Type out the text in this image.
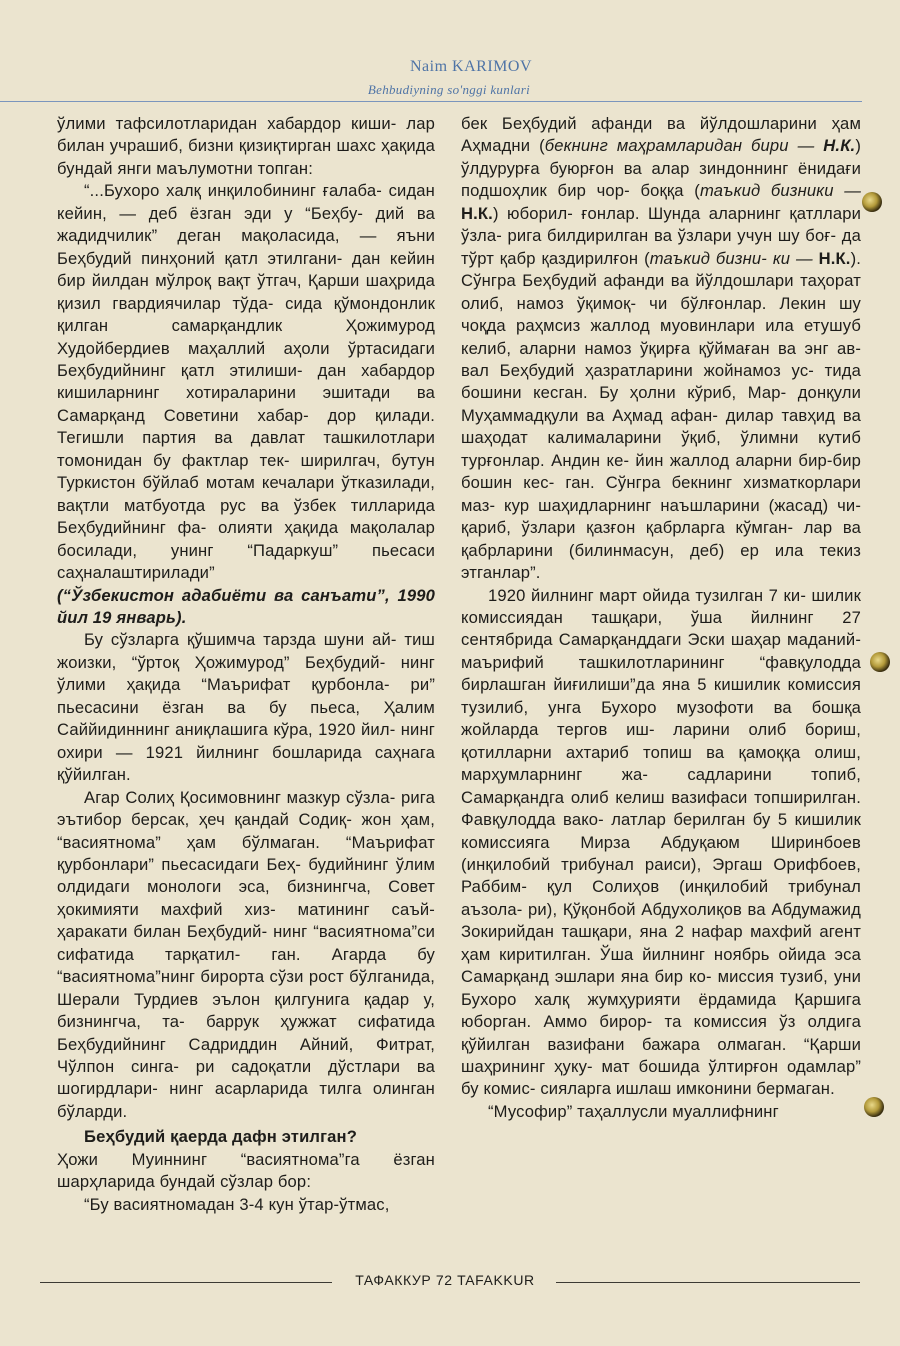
Naim KARIMOV
Behbudiyning so'nggi kunlari

ўлими тафсилотларидан хабардор киши- лар билан учрашиб, бизни қизиқтирган шахс ҳақида бундай янги маълумотни топган:

“...Бухоро халқ инқилобининг ғалаба- сидан кейин, — деб ёзган эди у “Беҳбу- дий ва жадидчилик” деган мақоласида, — яъни Беҳбудий пинҳоний қатл этилгани- дан кейин бир йилдан мўлроқ вақт ўтгач, Қарши шаҳрида қизил гвардиячилар тўда- сида қўмондонлик қилган самарқандлик Ҳожимурод Худойбердиев маҳаллий аҳоли ўртасидаги Беҳбудийнинг қатл этилиши- дан хабардор кишиларнинг хотираларини эшитади ва Самарқанд Советини хабар- дор қилади. Тегишли партия ва давлат ташкилотлари томонидан бу фактлар тек- ширилгач, бутун Туркистон бўйлаб мотам кечалари ўтказилади, вақтли матбуотда рус ва ўзбек тилларида Беҳбудийнинг фа- олияти ҳақида мақолалар босилади, унинг “Падаркуш” пьесаси саҳналаштирилади”

(“Ўзбекистон адабиёти ва санъати”, 1990 йил 19 январь).

Бу сўзларга қўшимча тарзда шуни ай- тиш жоизки, “ўртоқ Ҳожимурод” Беҳбудий- нинг ўлими ҳақида “Маърифат қурбонла- ри” пьесасини ёзган ва бу пьеса, Ҳалим Саййидиннинг аниқлашига кўра, 1920 йил- нинг охири — 1921 йилнинг бошларида саҳнага қўйилган.

Агар Солиҳ Қосимовнинг мазкур сўзла- рига эътибор берсак, ҳеч қандай Содиқ- жон ҳам, “васиятнома” ҳам бўлмаган. “Маърифат қурбонлари” пьесасидаги Беҳ- будийнинг ўлим олдидаги монологи эса, бизнингча, Совет ҳокимияти махфий хиз- матининг саъй-ҳаракати билан Беҳбудий- нинг “васиятнома”си сифатида тарқатил- ган. Агарда бу “васиятнома”нинг бирорта сўзи рост бўлганида, Шерали Турдиев эълон қилгунига қадар у, бизнингча, та- баррук ҳужжат сифатида Беҳбудийнинг Садриддин Айний, Фитрат, Чўлпон синга- ри садоқатли дўстлари ва шогирдлари- нинг асарларида тилга олинган бўларди.

Беҳбудий қаерда дафн этилган?

Ҳожи Муиннинг “васиятнома”га ёзган шарҳларида бундай сўзлар бор:

“Бу васиятномадан 3-4 кун ўтар-ўтмас,

бек Беҳбудий афанди ва йўлдошларини ҳам Аҳмадни (бекнинг маҳрамларидан бири — Н.К.) ўлдурурға буюрғон ва алар зиндоннинг ёнидағи подшоҳлик бир чор- боққа (таъкид бизники — Н.К.) юборил- ғонлар. Шунда аларнинг қатллари ўзла- рига билдирилган ва ўзлари учун шу боғ- да тўрт қабр қаздирилғон (таъкид бизни- ки — Н.К.). Сўнгра Беҳбудий афанди ва йўлдошлари таҳорат олиб, намоз ўқимоқ- чи бўлғонлар. Лекин шу чоқда раҳмсиз жаллод муовинлари ила етушуб келиб, аларни намоз ўқирға қўймаған ва энг ав- вал Беҳбудий ҳазратларини жойнамоз ус- тида бошини кесган. Бу ҳолни кўриб, Мар- донқули Муҳаммадқули ва Аҳмад афан- дилар тавҳид ва шаҳодат калималарини ўқиб, ўлимни кутиб турғонлар. Андин ке- йин жаллод аларни бир-бир бошин кес- ган. Сўнгра бекнинг хизматкорлари маз- кур шаҳидларнинг наъшларини (жасад) чи- қариб, ўзлари қазғон қабрларга кўмган- лар ва қабрларини (билинмасун, деб) ер ила текиз этганлар”.

1920 йилнинг март ойида тузилган 7 ки- шилик комиссиядан ташқари, ўша йилнинг 27 сентябрида Самарқанддаги Эски шаҳар маданий-маърифий ташкилотларининг “фавқулодда бирлашган йиғилиши”да яна 5 кишилик комиссия тузилиб, унга Бухоро музофоти ва бошқа жойларда тергов иш- ларини олиб бориш, қотилларни ахтариб топиш ва қамоққа олиш, марҳумларнинг жа- садларини топиб, Самарқандга олиб келиш вазифаси топширилган. Фавқулодда вако- латлар берилган бу 5 кишилик комиссияга Мирза Абдуқаюм Ширинбоев (инқилобий трибунал раиси), Эргаш Орифбоев, Раббим- қул Солиҳов (инқилобий трибунал аъзола- ри), Қўқонбой Абдухолиқов ва Абдумажид Зокирийдан ташқари, яна 2 нафар махфий агент ҳам киритилган. Ўша йилнинг ноябрь ойида эса Самарқанд эшлари яна бир ко- миссия тузиб, уни Бухоро халқ жумҳурияти ёрдамида Қаршига юборган. Аммо бирор- та комиссия ўз олдига қўйилган вазифани бажара олмаган. “Қарши шаҳрининг ҳуку- мат бошида ўлтирғон одамлар” бу комис- сияларга ишлаш имконини бермаган.

“Мусофир” таҳаллусли муаллифнинг

ТАФАККУР 72 TAFAKKUR
